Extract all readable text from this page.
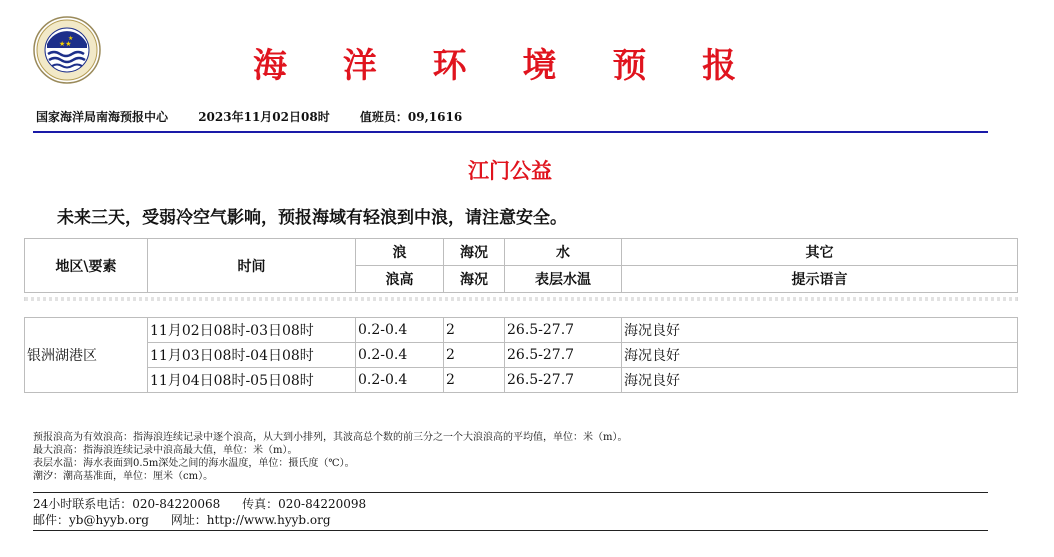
★★
★
海 洋 环 境 预 报
国家海洋局南海预报中心	2023年11月02日08时	值班员：09,1616
江门公益
未来三天，受弱冷空气影响，预报海域有轻浪到中浪，请注意安全。
地区\要素	时间	浪	海况	水	其它
		浪高	海况	表层水温	提示语言
银洲湖港区	11月02日08时-03日08时	0.2-0.4	2	26.5-27.7	海况良好
	11月03日08时-04日08时	0.2-0.4	2	26.5-27.7	海况良好
	11月04日08时-05日08时	0.2-0.4	2	26.5-27.7	海况良好
预报浪高为有效浪高：指海浪连续记录中逐个浪高，从大到小排列，其波高总个数的前三分之一个大浪浪高的平均值，单位：米（m）。
最大浪高：指海浪连续记录中浪高最大值，单位：米（m）。
表层水温：海水表面到0.5m深处之间的海水温度，单位：摄氏度（℃）。
潮汐：潮高基准面，单位：厘米（cm）。
24小时联系电话：020-84220068 传真：020-84220098
邮件：yb@hyyb.org 网址：http://www.hyyb.org
